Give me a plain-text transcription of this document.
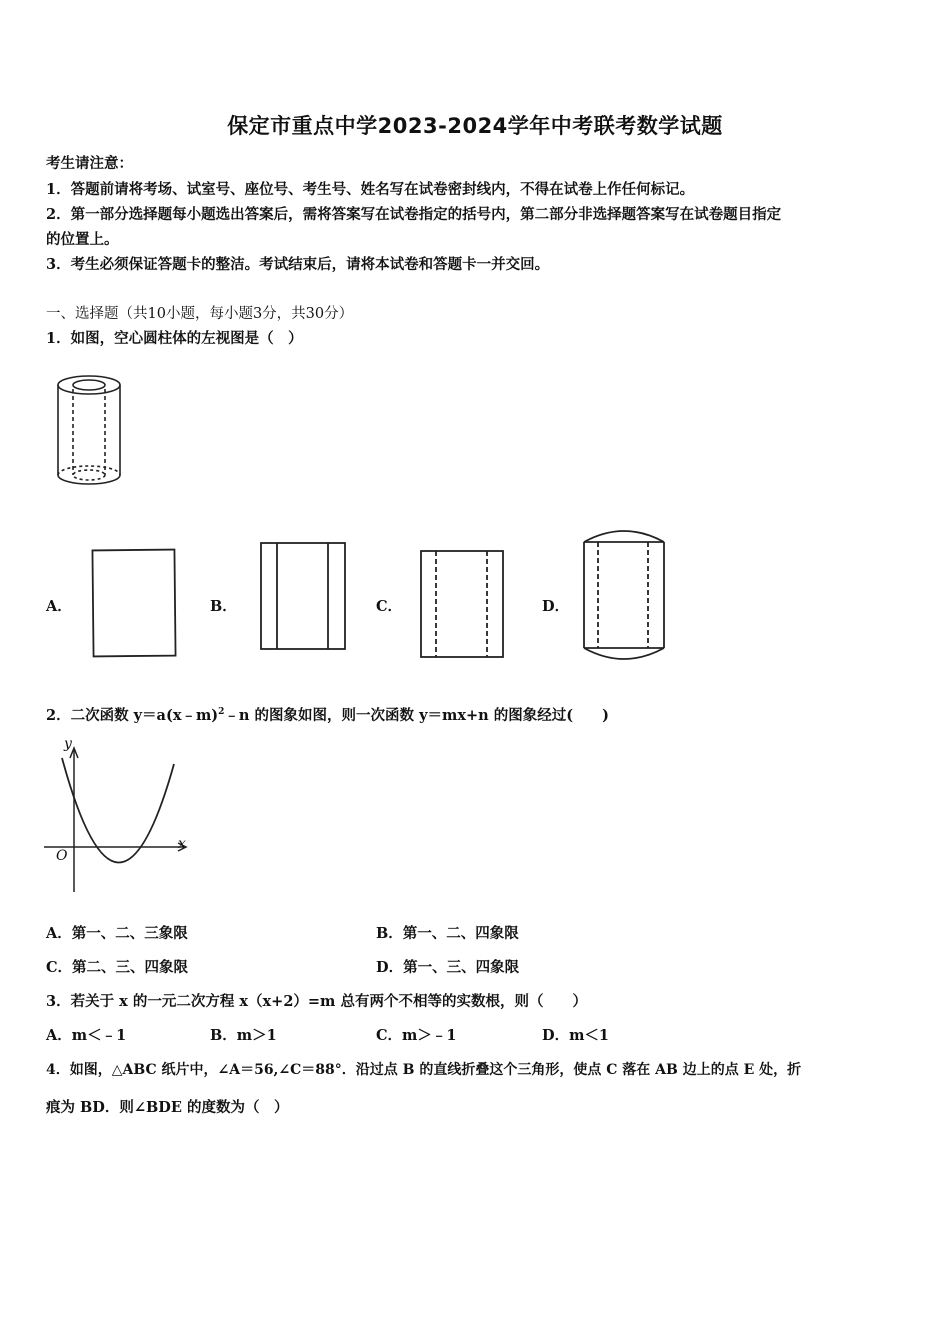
保定市重点中学2023-2024学年中考联考数学试题
考生请注意：
1．答题前请将考场、试室号、座位号、考生号、姓名写在试卷密封线内，不得在试卷上作任何标记。
2．第一部分选择题每小题选出答案后，需将答案写在试卷指定的括号内，第二部分非选择题答案写在试卷题目指定
的位置上。
3．考生必须保证答题卡的整洁。考试结束后，请将本试卷和答题卡一并交回。
一、选择题（共10小题，每小题3分，共30分）
1．如图，空心圆柱体的左视图是（　）
A．	B．	C．	D．
2．二次函数 y＝a(x﹣m)$^2$﹣n 的图象如图，则一次函数 y＝mx+n 的图象经过(　　)
y
x
O
A．第一、二、三象限	B．第一、二、四象限
C．第二、三、四象限	D．第一、三、四象限
3．若关于 x 的一元二次方程 x（x+2）=m 总有两个不相等的实数根，则（　　）
A．m＜﹣1	B．m＞1	C．m＞﹣1	D．m＜1
4．如图，△ABC 纸片中，∠A＝56,∠C＝88°．沿过点 B 的直线折叠这个三角形，使点 C 落在 AB 边上的点 E 处，折
痕为 BD．则∠BDE 的度数为（　）
